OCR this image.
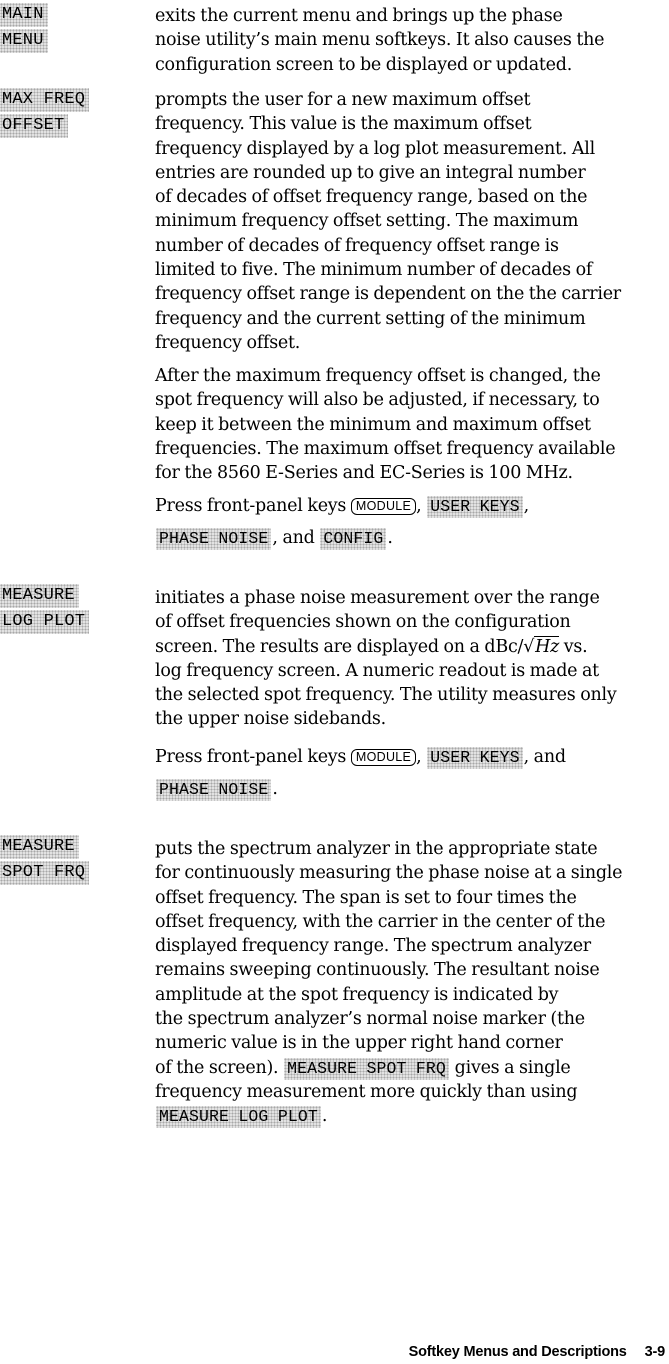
MAIN
MENU
exits the current menu and brings up the phase
noise utility’s main menu softkeys. It also causes the
configuration screen to be displayed or updated.
MAX FREQ
OFFSET
prompts the user for a new maximum offset
frequency. This value is the maximum offset
frequency displayed by a log plot measurement. All
entries are rounded up to give an integral number
of decades of offset frequency range, based on the
minimum frequency offset setting. The maximum
number of decades of frequency offset range is
limited to five. The minimum number of decades of
frequency offset range is dependent on the the carrier
frequency and the current setting of the minimum
frequency offset.
After the maximum frequency offset is changed, the
spot frequency will also be adjusted, if necessary, to
keep it between the minimum and maximum offset
frequencies. The maximum offset frequency available
for the 8560 E-Series and EC-Series is 100 MHz.
Press front-panel keys MODULE , USER KEYS ,
PHASE NOISE , and CONFIG .
MEASURE
LOG PLOT
initiates a phase noise measurement over the range
of offset frequencies shown on the configuration
screen. The results are displayed on a dBc/√Hz vs.
log frequency screen. A numeric readout is made at
the selected spot frequency. The utility measures only
the upper noise sidebands.
Press front-panel keys MODULE , USER KEYS , and
PHASE NOISE .
MEASURE
SPOT FRQ
puts the spectrum analyzer in the appropriate state
for continuously measuring the phase noise at a single
offset frequency. The span is set to four times the
offset frequency, with the carrier in the center of the
displayed frequency range. The spectrum analyzer
remains sweeping continuously. The resultant noise
amplitude at the spot frequency is indicated by
the spectrum analyzer’s normal noise marker (the
numeric value is in the upper right hand corner
of the screen). MEASURE SPOT FRQ gives a single
frequency measurement more quickly than using
MEASURE LOG PLOT .
Softkey Menus and Descriptions 3-9
